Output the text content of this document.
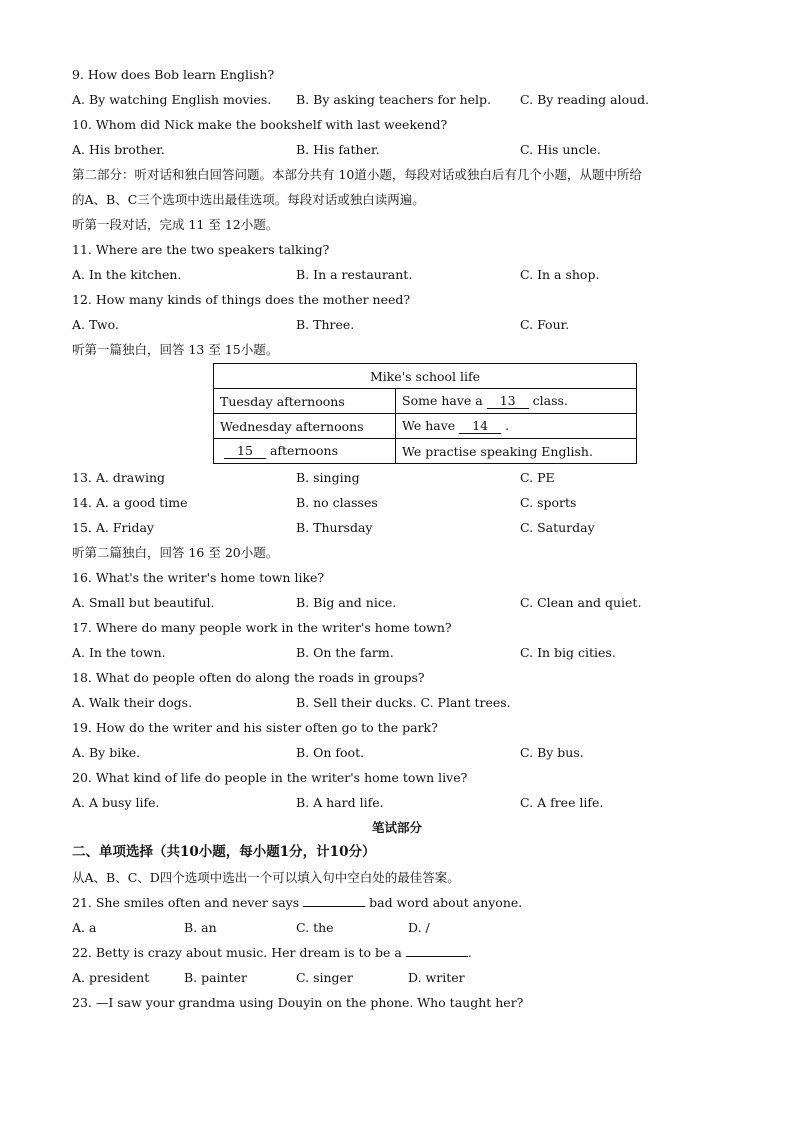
9. How does Bob learn English?
A. By watching English movies.	B. By asking teachers for help.	C. By reading aloud.
10. Whom did Nick make the bookshelf with last weekend?
A. His brother.	B. His father.	C. His uncle.
第二部分：听对话和独白回答问题。本部分共有 10道小题，每段对话或独白后有几个小题，从题中所给
的A、B、C三个选项中选出最佳选项。每段对话或独白读两遍。
听第一段对话，完成 11 至 12小题。
11. Where are the two speakers talking?
A. In the kitchen.	B. In a restaurant.	C. In a shop.
12. How many kinds of things does the mother need?
A. Two.	B. Three.	C. Four.
听第一篇独白，回答 13 至 15小题。
Mike's school life	
Tuesday afternoons	Some have a 13 class.
Wednesday afternoons	We have 14 .
15 afternoons	We practise speaking English.
13. A. drawing	B. singing	C. PE
14. A. a good time	B. no classes	C. sports
15. A. Friday	B. Thursday	C. Saturday
听第二篇独白，回答 16 至 20小题。
16. What's the writer's home town like?
A. Small but beautiful.	B. Big and nice.	C. Clean and quiet.
17. Where do many people work in the writer's home town?
A. In the town.	B. On the farm.	C. In big cities.
18. What do people often do along the roads in groups?
A. Walk their dogs.	B. Sell their ducks. C. Plant trees.
19. How do the writer and his sister often go to the park?
A. By bike.	B. On foot.	C. By bus.
20. What kind of life do people in the writer's home town live?
A. A busy life.	B. A hard life.	C. A free life.
笔试部分
二、单项选择（共10小题，每小题1分，计10分）
从A、B、C、D四个选项中选出一个可以填入句中空白处的最佳答案。
21. She smiles often and never says	bad word about anyone.
A. a	B. an	C. the	D. /
22. Betty is crazy about music. Her dream is to be a	.
A. president	B. painter	C. singer	D. writer
23. —I saw your grandma using Douyin on the phone. Who taught her?
